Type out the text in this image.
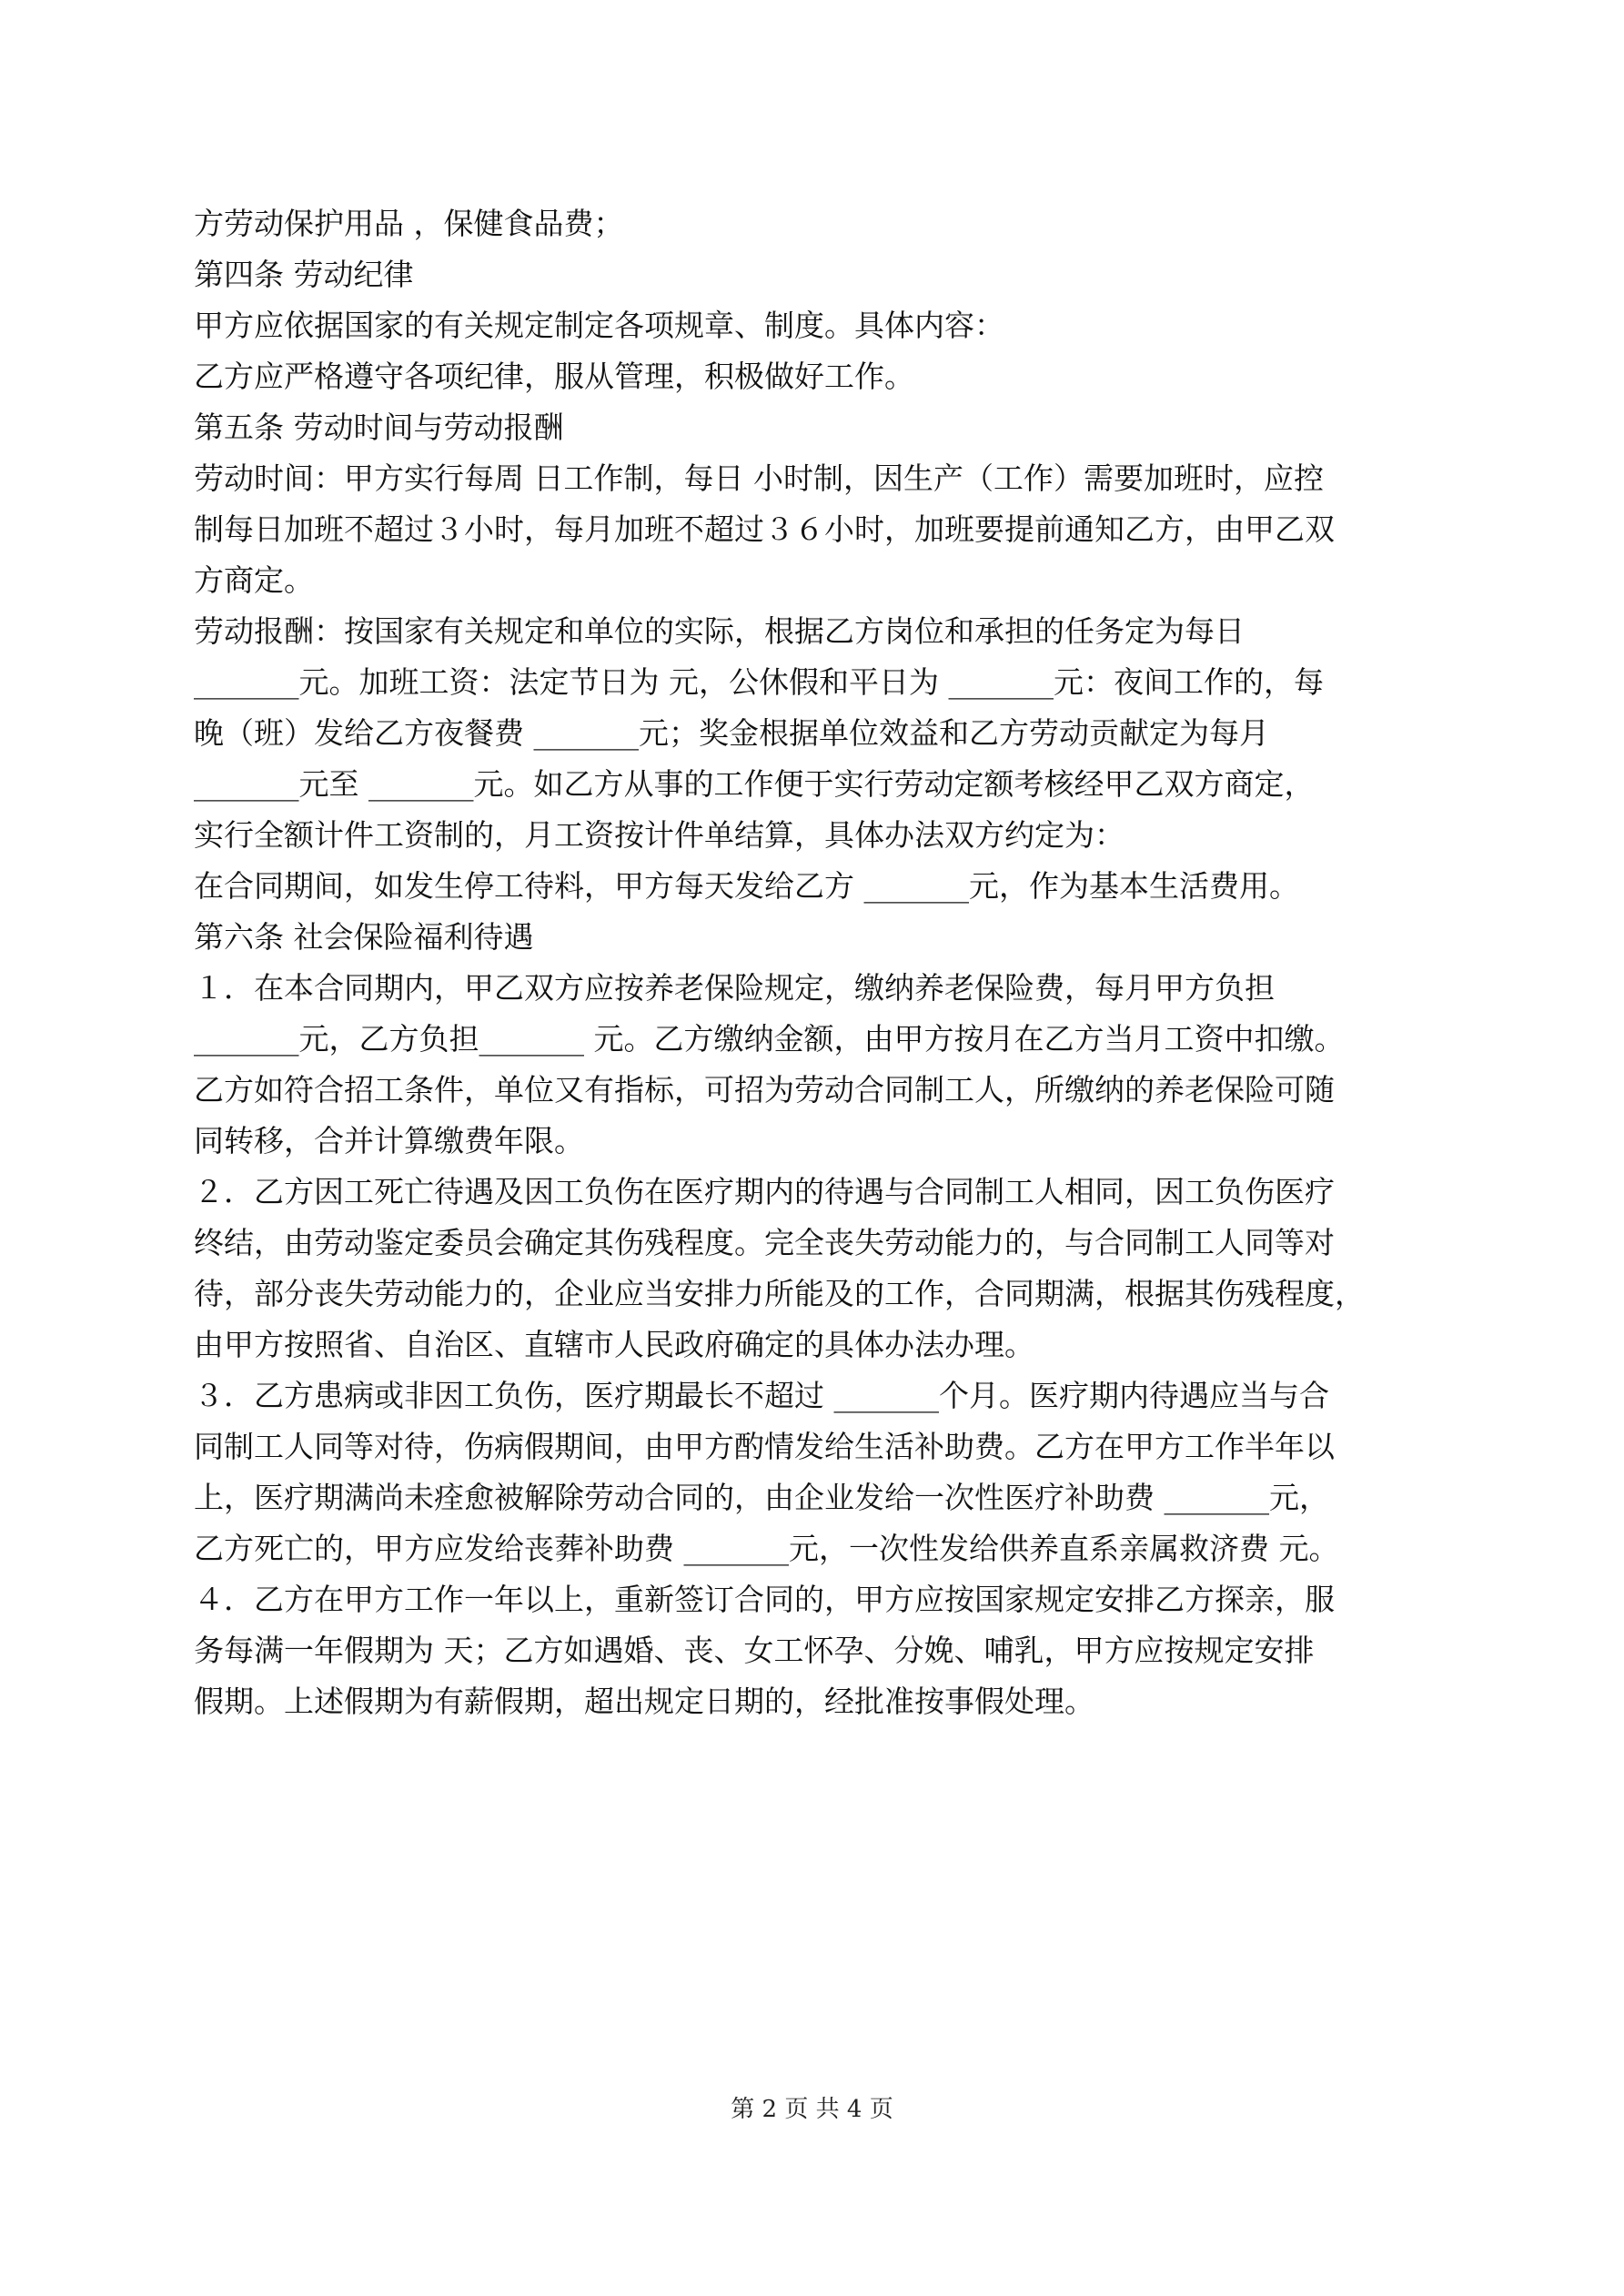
方劳动保护用品 ，保健食品费；

第四条 劳动纪律

甲方应依据国家的有关规定制定各项规章、制度。具体内容：

乙方应严格遵守各项纪律，服从管理，积极做好工作。

第五条 劳动时间与劳动报酬

劳动时间：甲方实行每周 日工作制，每日 小时制，因生产（工作）需要加班时，应控

制每日加班不超过３小时，每月加班不超过３６小时，加班要提前通知乙方，由甲乙双

方商定。

劳动报酬：按国家有关规定和单位的实际，根据乙方岗位和承担的任务定为每日

_______元。加班工资：法定节日为 元，公休假和平日为 _______元：夜间工作的，每

晚（班）发给乙方夜餐费 _______元；奖金根据单位效益和乙方劳动贡献定为每月

_______元至 _______元。如乙方从事的工作便于实行劳动定额考核经甲乙双方商定，

实行全额计件工资制的，月工资按计件单结算，具体办法双方约定为：

在合同期间，如发生停工待料，甲方每天发给乙方 _______元，作为基本生活费用。

第六条 社会保险福利待遇

１．在本合同期内，甲乙双方应按养老保险规定，缴纳养老保险费，每月甲方负担

_______元，乙方负担_______ 元。乙方缴纳金额，由甲方按月在乙方当月工资中扣缴。

乙方如符合招工条件，单位又有指标，可招为劳动合同制工人，所缴纳的养老保险可随

同转移，合并计算缴费年限。

２．乙方因工死亡待遇及因工负伤在医疗期内的待遇与合同制工人相同，因工负伤医疗

终结，由劳动鉴定委员会确定其伤残程度。完全丧失劳动能力的，与合同制工人同等对

待，部分丧失劳动能力的，企业应当安排力所能及的工作，合同期满，根据其伤残程度，

由甲方按照省、自治区、直辖市人民政府确定的具体办法办理。

３．乙方患病或非因工负伤，医疗期最长不超过 _______个月。医疗期内待遇应当与合

同制工人同等对待，伤病假期间，由甲方酌情发给生活补助费。乙方在甲方工作半年以

上，医疗期满尚未痊愈被解除劳动合同的，由企业发给一次性医疗补助费 _______元，

乙方死亡的，甲方应发给丧葬补助费 _______元，一次性发给供养直系亲属救济费 元。

４．乙方在甲方工作一年以上，重新签订合同的，甲方应按国家规定安排乙方探亲，服

务每满一年假期为 天；乙方如遇婚、丧、女工怀孕、分娩、哺乳，甲方应按规定安排

假期。上述假期为有薪假期，超出规定日期的，经批准按事假处理。

第 2 页 共 4 页
